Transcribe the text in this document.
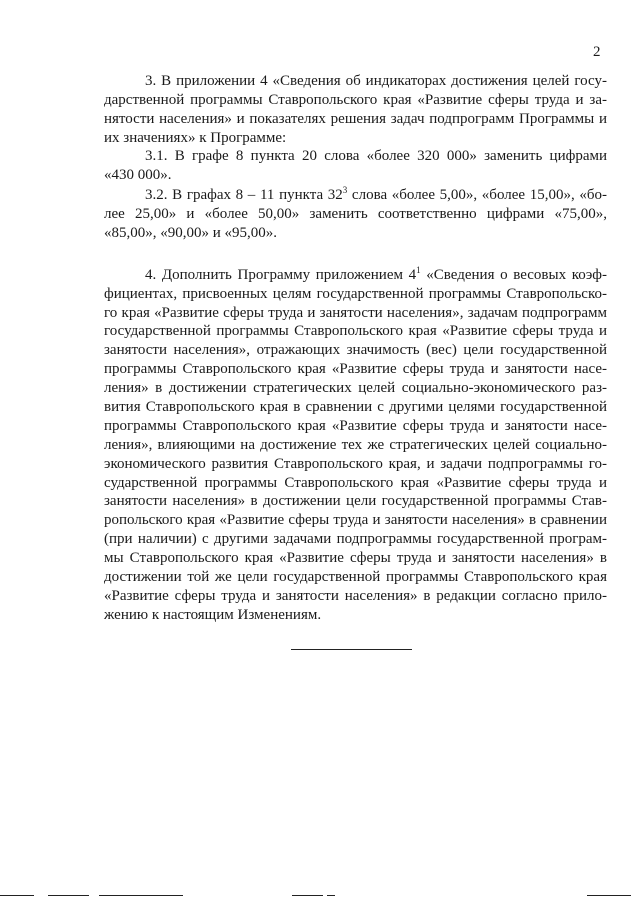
2
3. В приложении 4 «Сведения об индикаторах достижения целей госу-
дарственной программы Ставропольского края «Развитие сферы труда и за-
нятости населения» и показателях решения задач подпрограмм Программы и
их значениях» к Программе:
3.1. В графе 8 пункта 20 слова «более 320 000» заменить цифрами
«430 000».
3.2. В графах 8 – 11 пункта $32^3$ слова «более 5,00», «более 15,00», «бо-
лее 25,00» и «более 50,00» заменить соответственно цифрами «75,00»,
«85,00», «90,00» и «95,00».
4. Дополнить Программу приложением $4^1$ «Сведения о весовых коэф-
фициентах, присвоенных целям государственной программы Ставропольско-
го края «Развитие сферы труда и занятости населения», задачам подпрограмм
государственной программы Ставропольского края «Развитие сферы труда и
занятости населения», отражающих значимость (вес) цели государственной
программы Ставропольского края «Развитие сферы труда и занятости насе-
ления» в достижении стратегических целей социально-экономического раз-
вития Ставропольского края в сравнении с другими целями государственной
программы Ставропольского края «Развитие сферы труда и занятости насе-
ления», влияющими на достижение тех же стратегических целей социально-
экономического развития Ставропольского края, и задачи подпрограммы го-
сударственной программы Ставропольского края «Развитие сферы труда и
занятости населения» в достижении цели государственной программы Став-
ропольского края «Развитие сферы труда и занятости населения» в сравнении
(при наличии) с другими задачами подпрограммы государственной програм-
мы Ставропольского края «Развитие сферы труда и занятости населения» в
достижении той же цели государственной программы Ставропольского края
«Развитие сферы труда и занятости населения» в редакции согласно прило-
жению к настоящим Изменениям.
